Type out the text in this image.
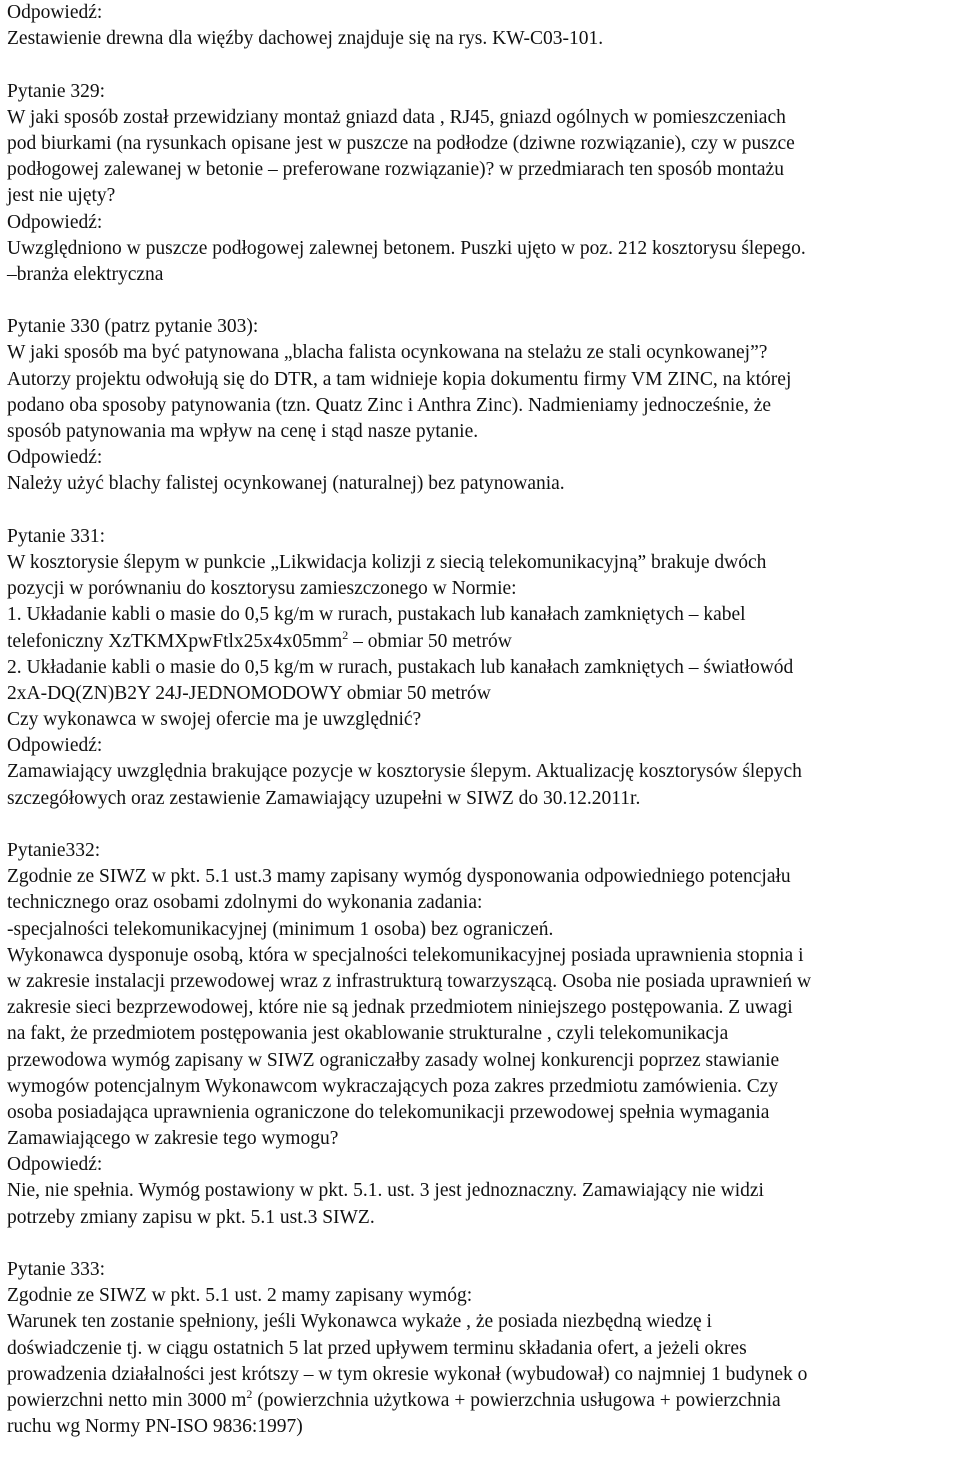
Odpowiedź:
Zestawienie drewna dla więźby dachowej znajduje się na rys. KW-C03-101.
Pytanie 329:
W jaki sposób został przewidziany montaż gniazd data , RJ45, gniazd ogólnych w pomieszczeniach
pod biurkami (na rysunkach opisane jest w puszcze na podłodze (dziwne rozwiązanie), czy w puszce
podłogowej zalewanej w betonie – preferowane rozwiązanie)? w przedmiarach ten sposób montażu
jest nie ujęty?
Odpowiedź:
Uwzględniono w puszcze podłogowej zalewnej betonem. Puszki ujęto w poz. 212 kosztorysu ślepego.
–branża elektryczna
Pytanie 330 (patrz pytanie 303):
W jaki sposób ma być patynowana „blacha falista ocynkowana na stelażu ze stali ocynkowanej”?
Autorzy projektu odwołują się do DTR, a tam widnieje kopia dokumentu firmy VM ZINC, na której
podano oba sposoby patynowania (tzn. Quatz Zinc i Anthra Zinc). Nadmieniamy jednocześnie, że
sposób patynowania ma wpływ na cenę i stąd nasze pytanie.
Odpowiedź:
Należy użyć blachy falistej ocynkowanej (naturalnej) bez patynowania.
Pytanie 331:
W kosztorysie ślepym w punkcie „Likwidacja kolizji z siecią telekomunikacyjną” brakuje dwóch
pozycji w porównaniu do kosztorysu zamieszczonego w Normie:
1. Układanie kabli o masie do 0,5 kg/m w rurach, pustakach lub kanałach zamkniętych – kabel
telefoniczny $XzTKMXpwFtlx25x4x05mm^2$ – obmiar 50 metrów
2. Układanie kabli o masie do 0,5 kg/m w rurach, pustakach lub kanałach zamkniętych – światłowód
2xA-DQ(ZN)B2Y 24J-JEDNOMODOWY obmiar 50 metrów
Czy wykonawca w swojej ofercie ma je uwzględnić?
Odpowiedź:
Zamawiający uwzględnia brakujące pozycje w kosztorysie ślepym. Aktualizację kosztorysów ślepych
szczegółowych oraz zestawienie Zamawiający uzupełni w SIWZ do 30.12.2011r.
Pytanie332:
Zgodnie ze SIWZ w pkt. 5.1 ust.3 mamy zapisany wymóg dysponowania odpowiedniego potencjału
technicznego oraz osobami zdolnymi do wykonania zadania:
-specjalności telekomunikacyjnej (minimum 1 osoba) bez ograniczeń.
Wykonawca dysponuje osobą, która w specjalności telekomunikacyjnej posiada uprawnienia stopnia i
w zakresie instalacji przewodowej wraz z infrastrukturą towarzyszącą. Osoba nie posiada uprawnień w
zakresie sieci bezprzewodowej, które nie są jednak przedmiotem niniejszego postępowania. Z uwagi
na fakt, że przedmiotem postępowania jest okablowanie strukturalne , czyli telekomunikacja
przewodowa wymóg zapisany w SIWZ ograniczałby zasady wolnej konkurencji poprzez stawianie
wymogów potencjalnym Wykonawcom wykraczających poza zakres przedmiotu zamówienia. Czy
osoba posiadająca uprawnienia ograniczone do telekomunikacji przewodowej spełnia wymagania
Zamawiającego w zakresie tego wymogu?
Odpowiedź:
Nie, nie spełnia. Wymóg postawiony w pkt. 5.1. ust. 3 jest jednoznaczny. Zamawiający nie widzi
potrzeby zmiany zapisu w pkt. 5.1 ust.3 SIWZ.
Pytanie 333:
Zgodnie ze SIWZ w pkt. 5.1 ust. 2 mamy zapisany wymóg:
Warunek ten zostanie spełniony, jeśli Wykonawca wykaże , że posiada niezbędną wiedzę i
doświadczenie tj. w ciągu ostatnich 5 lat przed upływem terminu składania ofert, a jeżeli okres
prowadzenia działalności jest krótszy – w tym okresie wykonał (wybudował) co najmniej 1 budynek o
powierzchni netto min 3000 $m^2$ (powierzchnia użytkowa + powierzchnia usługowa + powierzchnia
ruchu wg Normy PN-ISO 9836:1997)
